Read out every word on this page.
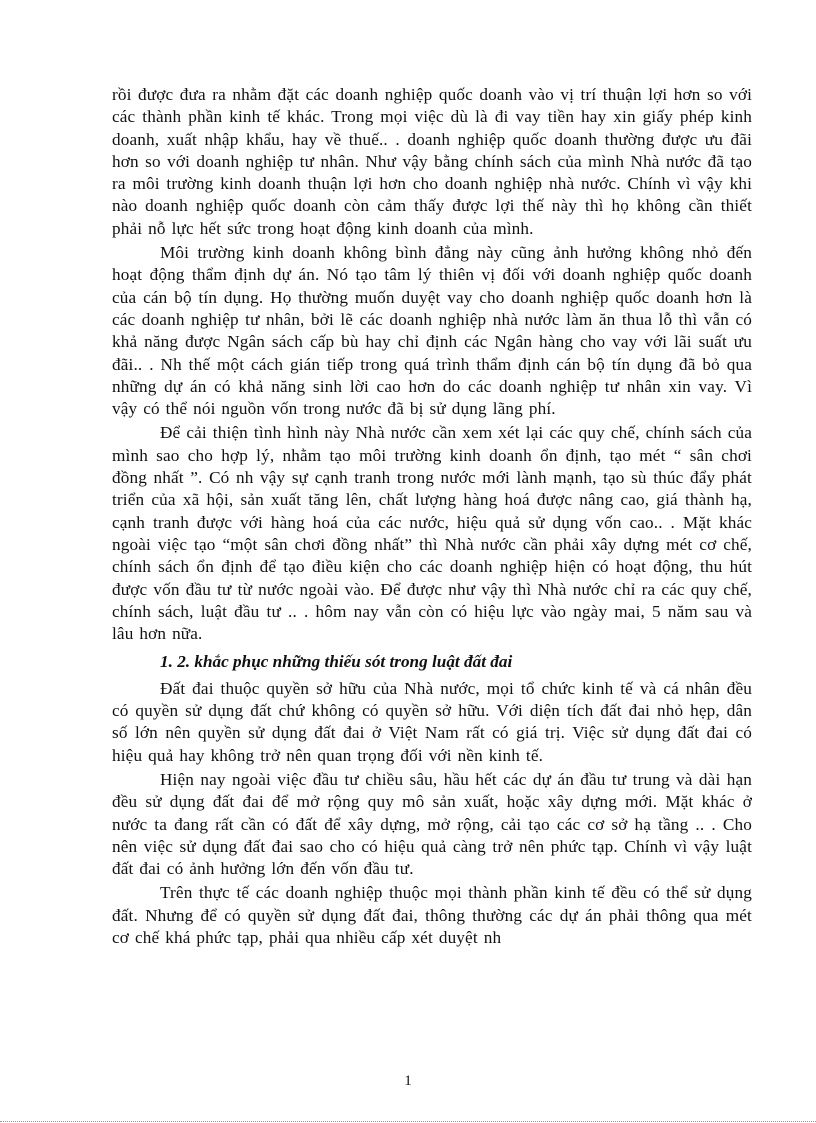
rồi được đưa ra nhằm đặt các doanh nghiệp quốc doanh vào vị trí thuận lợi hơn so với các thành phần kinh tế khác. Trong mọi việc dù là đi vay tiền hay xin giấy phép kinh doanh, xuất nhập khẩu, hay về thuế.. . doanh nghiệp quốc doanh thường được ưu đãi hơn so với doanh nghiệp tư nhân. Như vậy bằng chính sách của mình Nhà nước đã tạo ra môi trường kinh doanh thuận lợi hơn cho doanh nghiệp nhà nước. Chính vì vậy khi nào doanh nghiệp quốc doanh còn cảm thấy được lợi thế này thì họ không cần thiết phải nỗ lực hết sức trong hoạt động kinh doanh của mình.

Môi trường kinh doanh không bình đẳng này cũng ảnh hưởng không nhỏ đến hoạt động thẩm định dự án. Nó tạo tâm lý thiên vị đối với doanh nghiệp quốc doanh của cán bộ tín dụng. Họ thường muốn duyệt vay cho doanh nghiệp quốc doanh hơn là các doanh nghiệp tư nhân, bởi lẽ các doanh nghiệp nhà nước làm ăn thua lỗ thì vẫn có khả năng được Ngân sách cấp bù hay chỉ định các Ngân hàng cho vay với lãi suất ưu đãi.. . Nh thế một cách gián tiếp trong quá trình thẩm định cán bộ tín dụng đã bỏ qua những dự án có khả năng sinh lời cao hơn do các doanh nghiệp tư nhân xin vay. Vì vậy có thể nói nguồn vốn trong nước đã bị sử dụng lãng phí.

Để cải thiện tình hình này Nhà nước cần xem xét lại các quy chế, chính sách của mình sao cho hợp lý, nhằm tạo môi trường kinh doanh ổn định, tạo mét “ sân chơi đồng nhất ”. Có nh vậy sự cạnh tranh trong nước mới lành mạnh, tạo sù thúc đẩy phát triển của xã hội, sản xuất tăng lên, chất lượng hàng hoá được nâng cao, giá thành hạ, cạnh tranh được với hàng hoá của các nước, hiệu quả sử dụng vốn cao.. . Mặt khác ngoài việc tạo “một sân chơi đồng nhất” thì Nhà nước cần phải xây dựng mét cơ chế, chính sách ổn định để tạo điều kiện cho các doanh nghiệp hiện có hoạt động, thu hút được vốn đầu tư từ nước ngoài vào. Để được như vậy thì Nhà nước chỉ ra các quy chế, chính sách, luật đầu tư .. . hôm nay vẫn còn có hiệu lực vào ngày mai, 5 năm sau và lâu hơn nữa.

1. 2. khắc phục những thiếu sót trong luật đất đai

Đất đai thuộc quyền sở hữu của Nhà nước, mọi tổ chức kinh tế và cá nhân đều có quyền sử dụng đất chứ không có quyền sở hữu. Với diện tích đất đai nhỏ hẹp, dân số lớn nên quyền sử dụng đất đai ở Việt Nam rất có giá trị. Việc sử dụng đất đai có hiệu quả hay không trở nên quan trọng đối với nền kinh tế.

Hiện nay ngoài việc đầu tư chiều sâu, hầu hết các dự án đầu tư trung và dài hạn đều sử dụng đất đai để mở rộng quy mô sản xuất, hoặc xây dựng mới. Mặt khác ở nước ta đang rất cần có đất để xây dựng, mở rộng, cải tạo các cơ sở hạ tầng .. . Cho nên việc sử dụng đất đai sao cho có hiệu quả càng trở nên phức tạp. Chính vì vậy luật đất đai có ảnh hưởng lớn đến vốn đầu tư.

Trên thực tế các doanh nghiệp thuộc mọi thành phần kinh tế đều có thể sử dụng đất. Nhưng để có quyền sử dụng đất đai, thông thường các dự án phải thông qua mét cơ chế khá phức tạp, phải qua nhiều cấp xét duyệt nh

1
